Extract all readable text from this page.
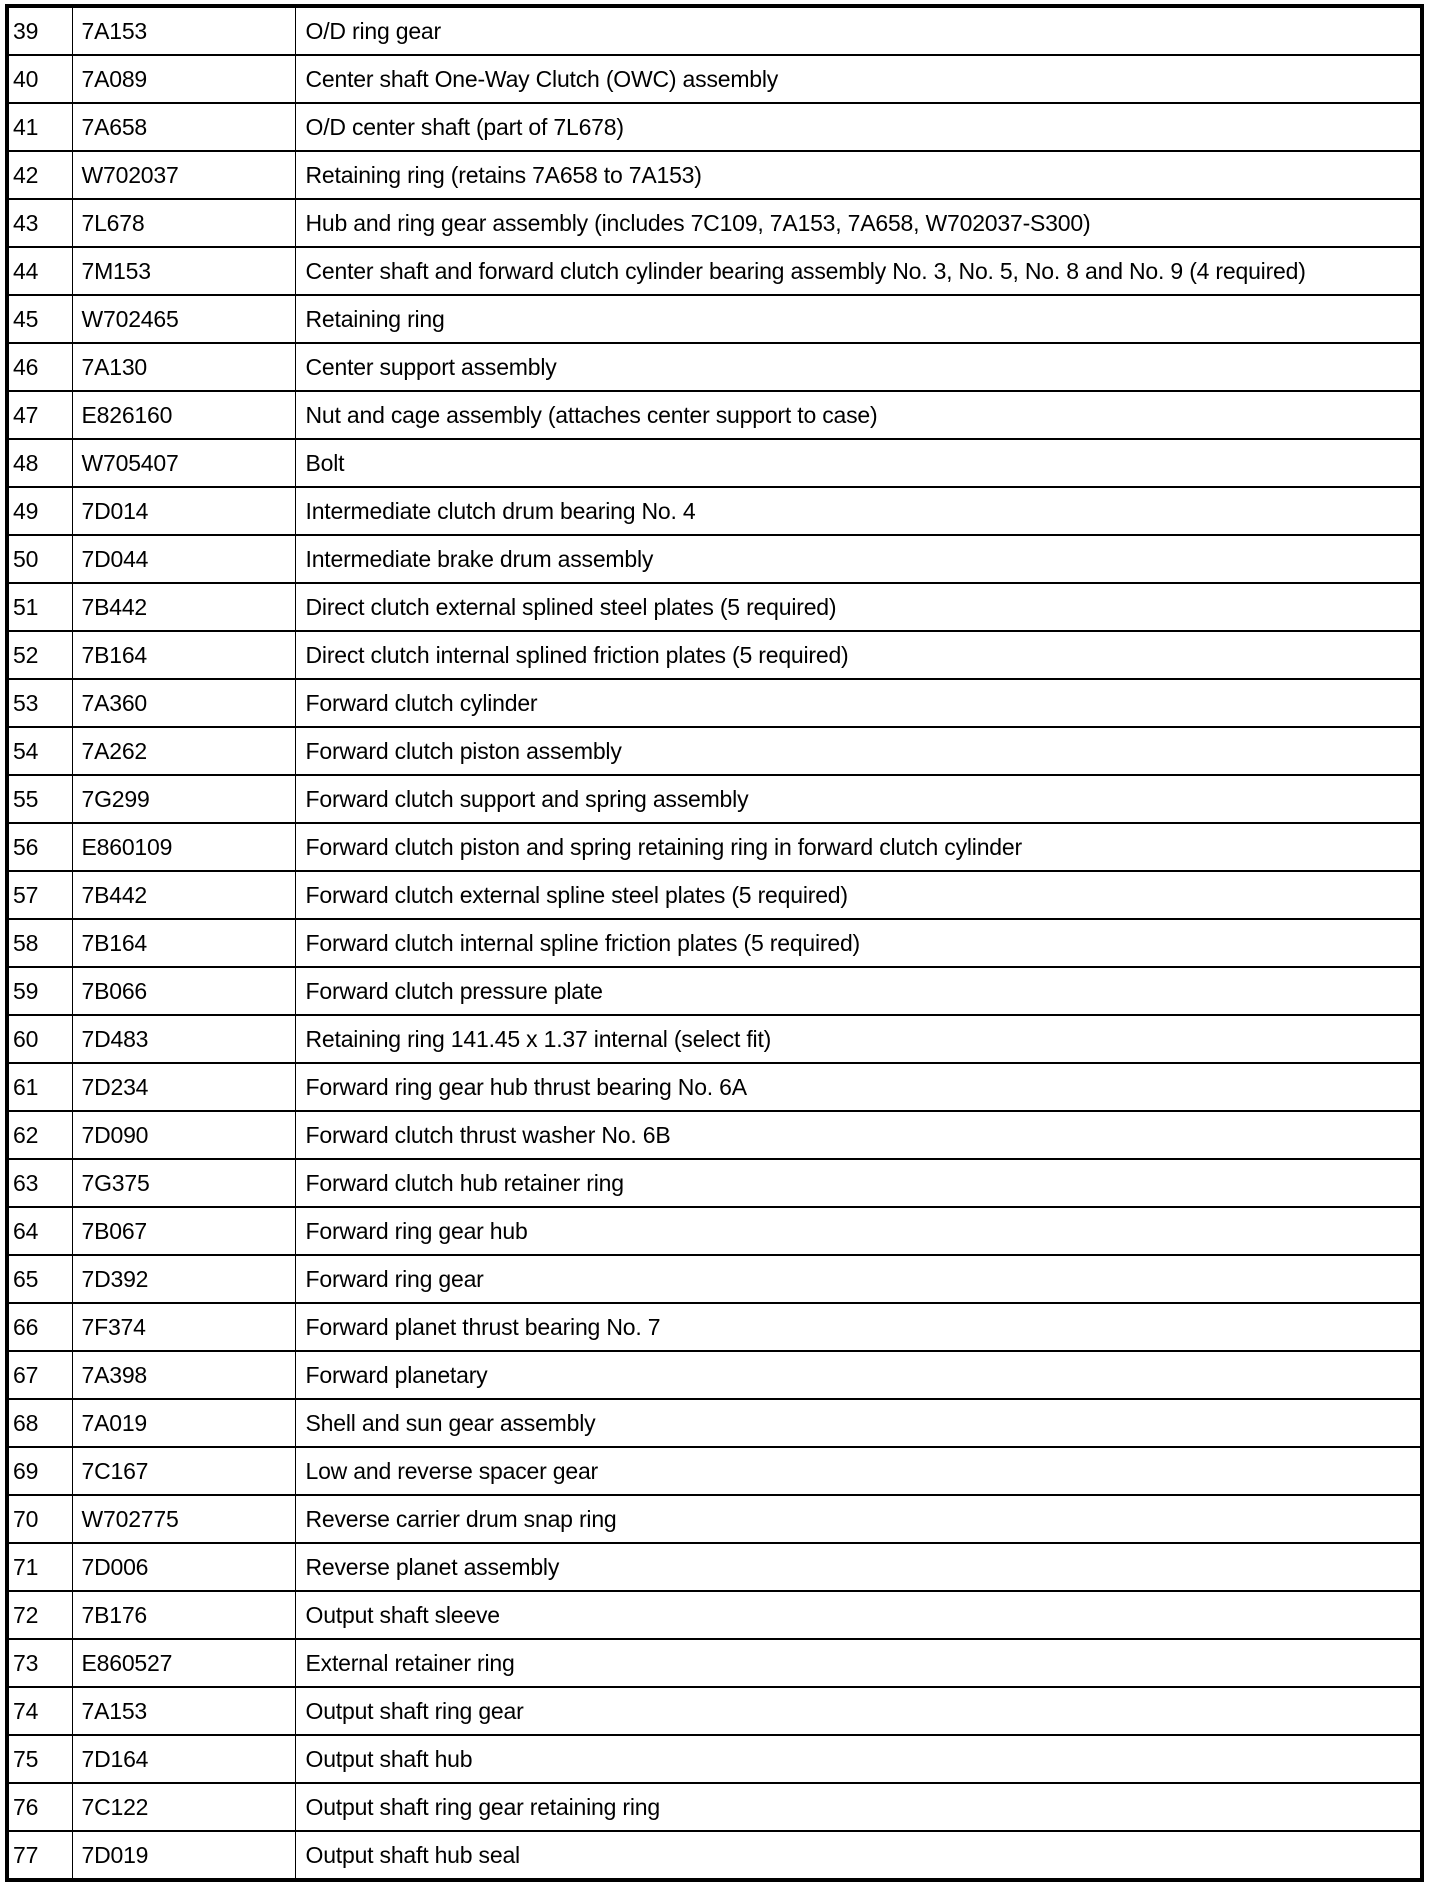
39	7A153	O/D ring gear
40	7A089	Center shaft One-Way Clutch (OWC) assembly
41	7A658	O/D center shaft (part of 7L678)
42	W702037	Retaining ring (retains 7A658 to 7A153)
43	7L678	Hub and ring gear assembly (includes 7C109, 7A153, 7A658, W702037-S300)
44	7M153	Center shaft and forward clutch cylinder bearing assembly No. 3, No. 5, No. 8 and No. 9 (4 required)
45	W702465	Retaining ring
46	7A130	Center support assembly
47	E826160	Nut and cage assembly (attaches center support to case)
48	W705407	Bolt
49	7D014	Intermediate clutch drum bearing No. 4
50	7D044	Intermediate brake drum assembly
51	7B442	Direct clutch external splined steel plates (5 required)
52	7B164	Direct clutch internal splined friction plates (5 required)
53	7A360	Forward clutch cylinder
54	7A262	Forward clutch piston assembly
55	7G299	Forward clutch support and spring assembly
56	E860109	Forward clutch piston and spring retaining ring in forward clutch cylinder
57	7B442	Forward clutch external spline steel plates (5 required)
58	7B164	Forward clutch internal spline friction plates (5 required)
59	7B066	Forward clutch pressure plate
60	7D483	Retaining ring 141.45 x 1.37 internal (select fit)
61	7D234	Forward ring gear hub thrust bearing No. 6A
62	7D090	Forward clutch thrust washer No. 6B
63	7G375	Forward clutch hub retainer ring
64	7B067	Forward ring gear hub
65	7D392	Forward ring gear
66	7F374	Forward planet thrust bearing No. 7
67	7A398	Forward planetary
68	7A019	Shell and sun gear assembly
69	7C167	Low and reverse spacer gear
70	W702775	Reverse carrier drum snap ring
71	7D006	Reverse planet assembly
72	7B176	Output shaft sleeve
73	E860527	External retainer ring
74	7A153	Output shaft ring gear
75	7D164	Output shaft hub
76	7C122	Output shaft ring gear retaining ring
77	7D019	Output shaft hub seal
